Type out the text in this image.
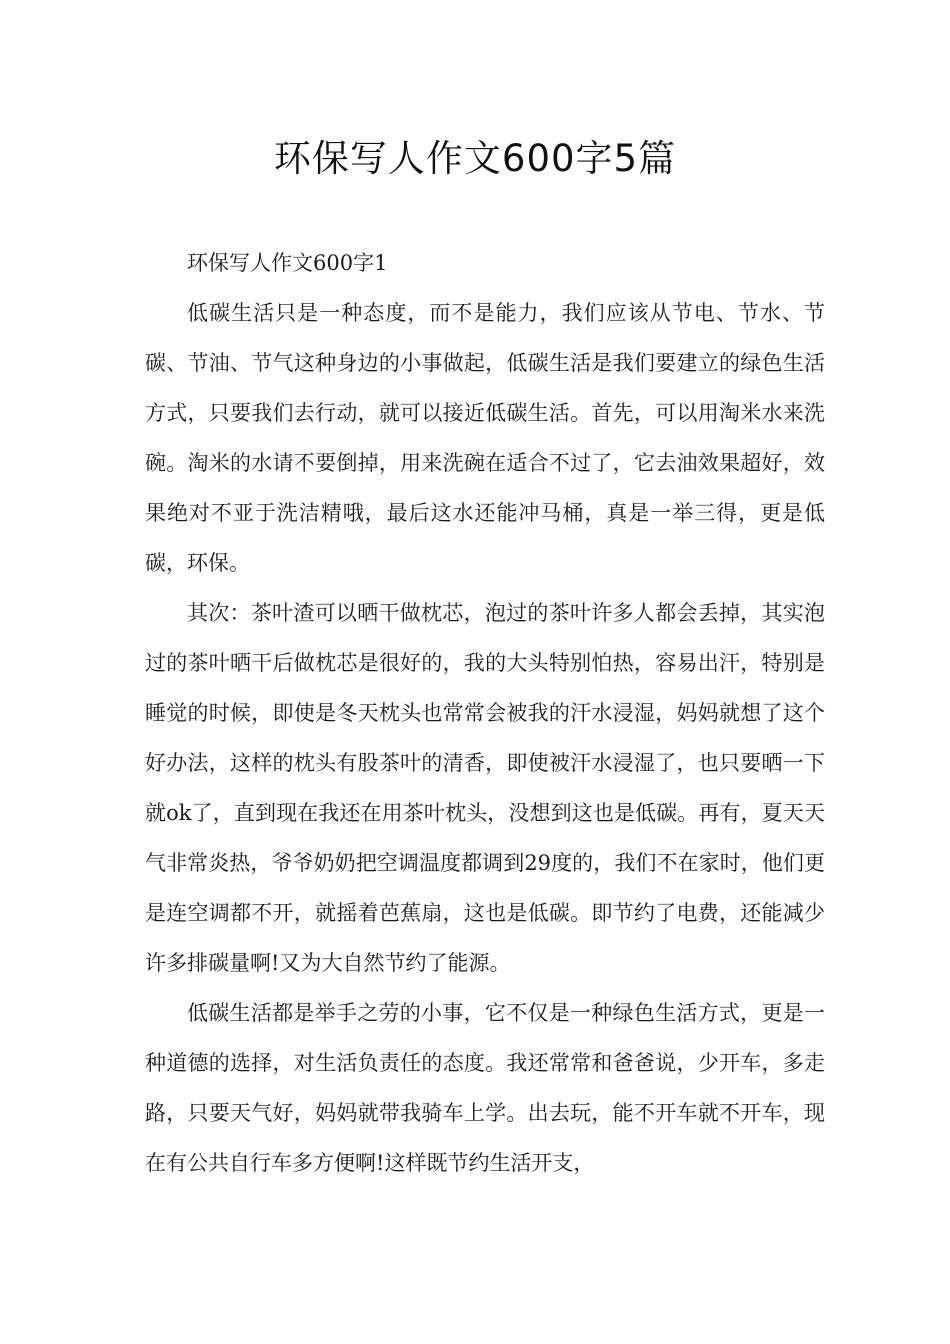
环保写人作文600字5篇

环保写人作文600字1

低碳生活只是一种态度，而不是能力，我们应该从节电、节水、节碳、节油、节气这种身边的小事做起，低碳生活是我们要建立的绿色生活方式，只要我们去行动，就可以接近低碳生活。首先，可以用淘米水来洗碗。淘米的水请不要倒掉，用来洗碗在适合不过了，它去油效果超好，效果绝对不亚于洗洁精哦，最后这水还能冲马桶，真是一举三得，更是低碳，环保。

其次：茶叶渣可以晒干做枕芯，泡过的茶叶许多人都会丢掉，其实泡过的茶叶晒干后做枕芯是很好的，我的大头特别怕热，容易出汗，特别是睡觉的时候，即使是冬天枕头也常常会被我的汗水浸湿，妈妈就想了这个好办法，这样的枕头有股茶叶的清香，即使被汗水浸湿了，也只要晒一下就ok了，直到现在我还在用茶叶枕头，没想到这也是低碳。再有，夏天天气非常炎热，爷爷奶奶把空调温度都调到29度的，我们不在家时，他们更是连空调都不开，就摇着芭蕉扇，这也是低碳。即节约了电费，还能减少许多排碳量啊!又为大自然节约了能源。

低碳生活都是举手之劳的小事，它不仅是一种绿色生活方式，更是一种道德的选择，对生活负责任的态度。我还常常和爸爸说，少开车，多走路，只要天气好，妈妈就带我骑车上学。出去玩，能不开车就不开车，现在有公共自行车多方便啊!这样既节约生活开支，
